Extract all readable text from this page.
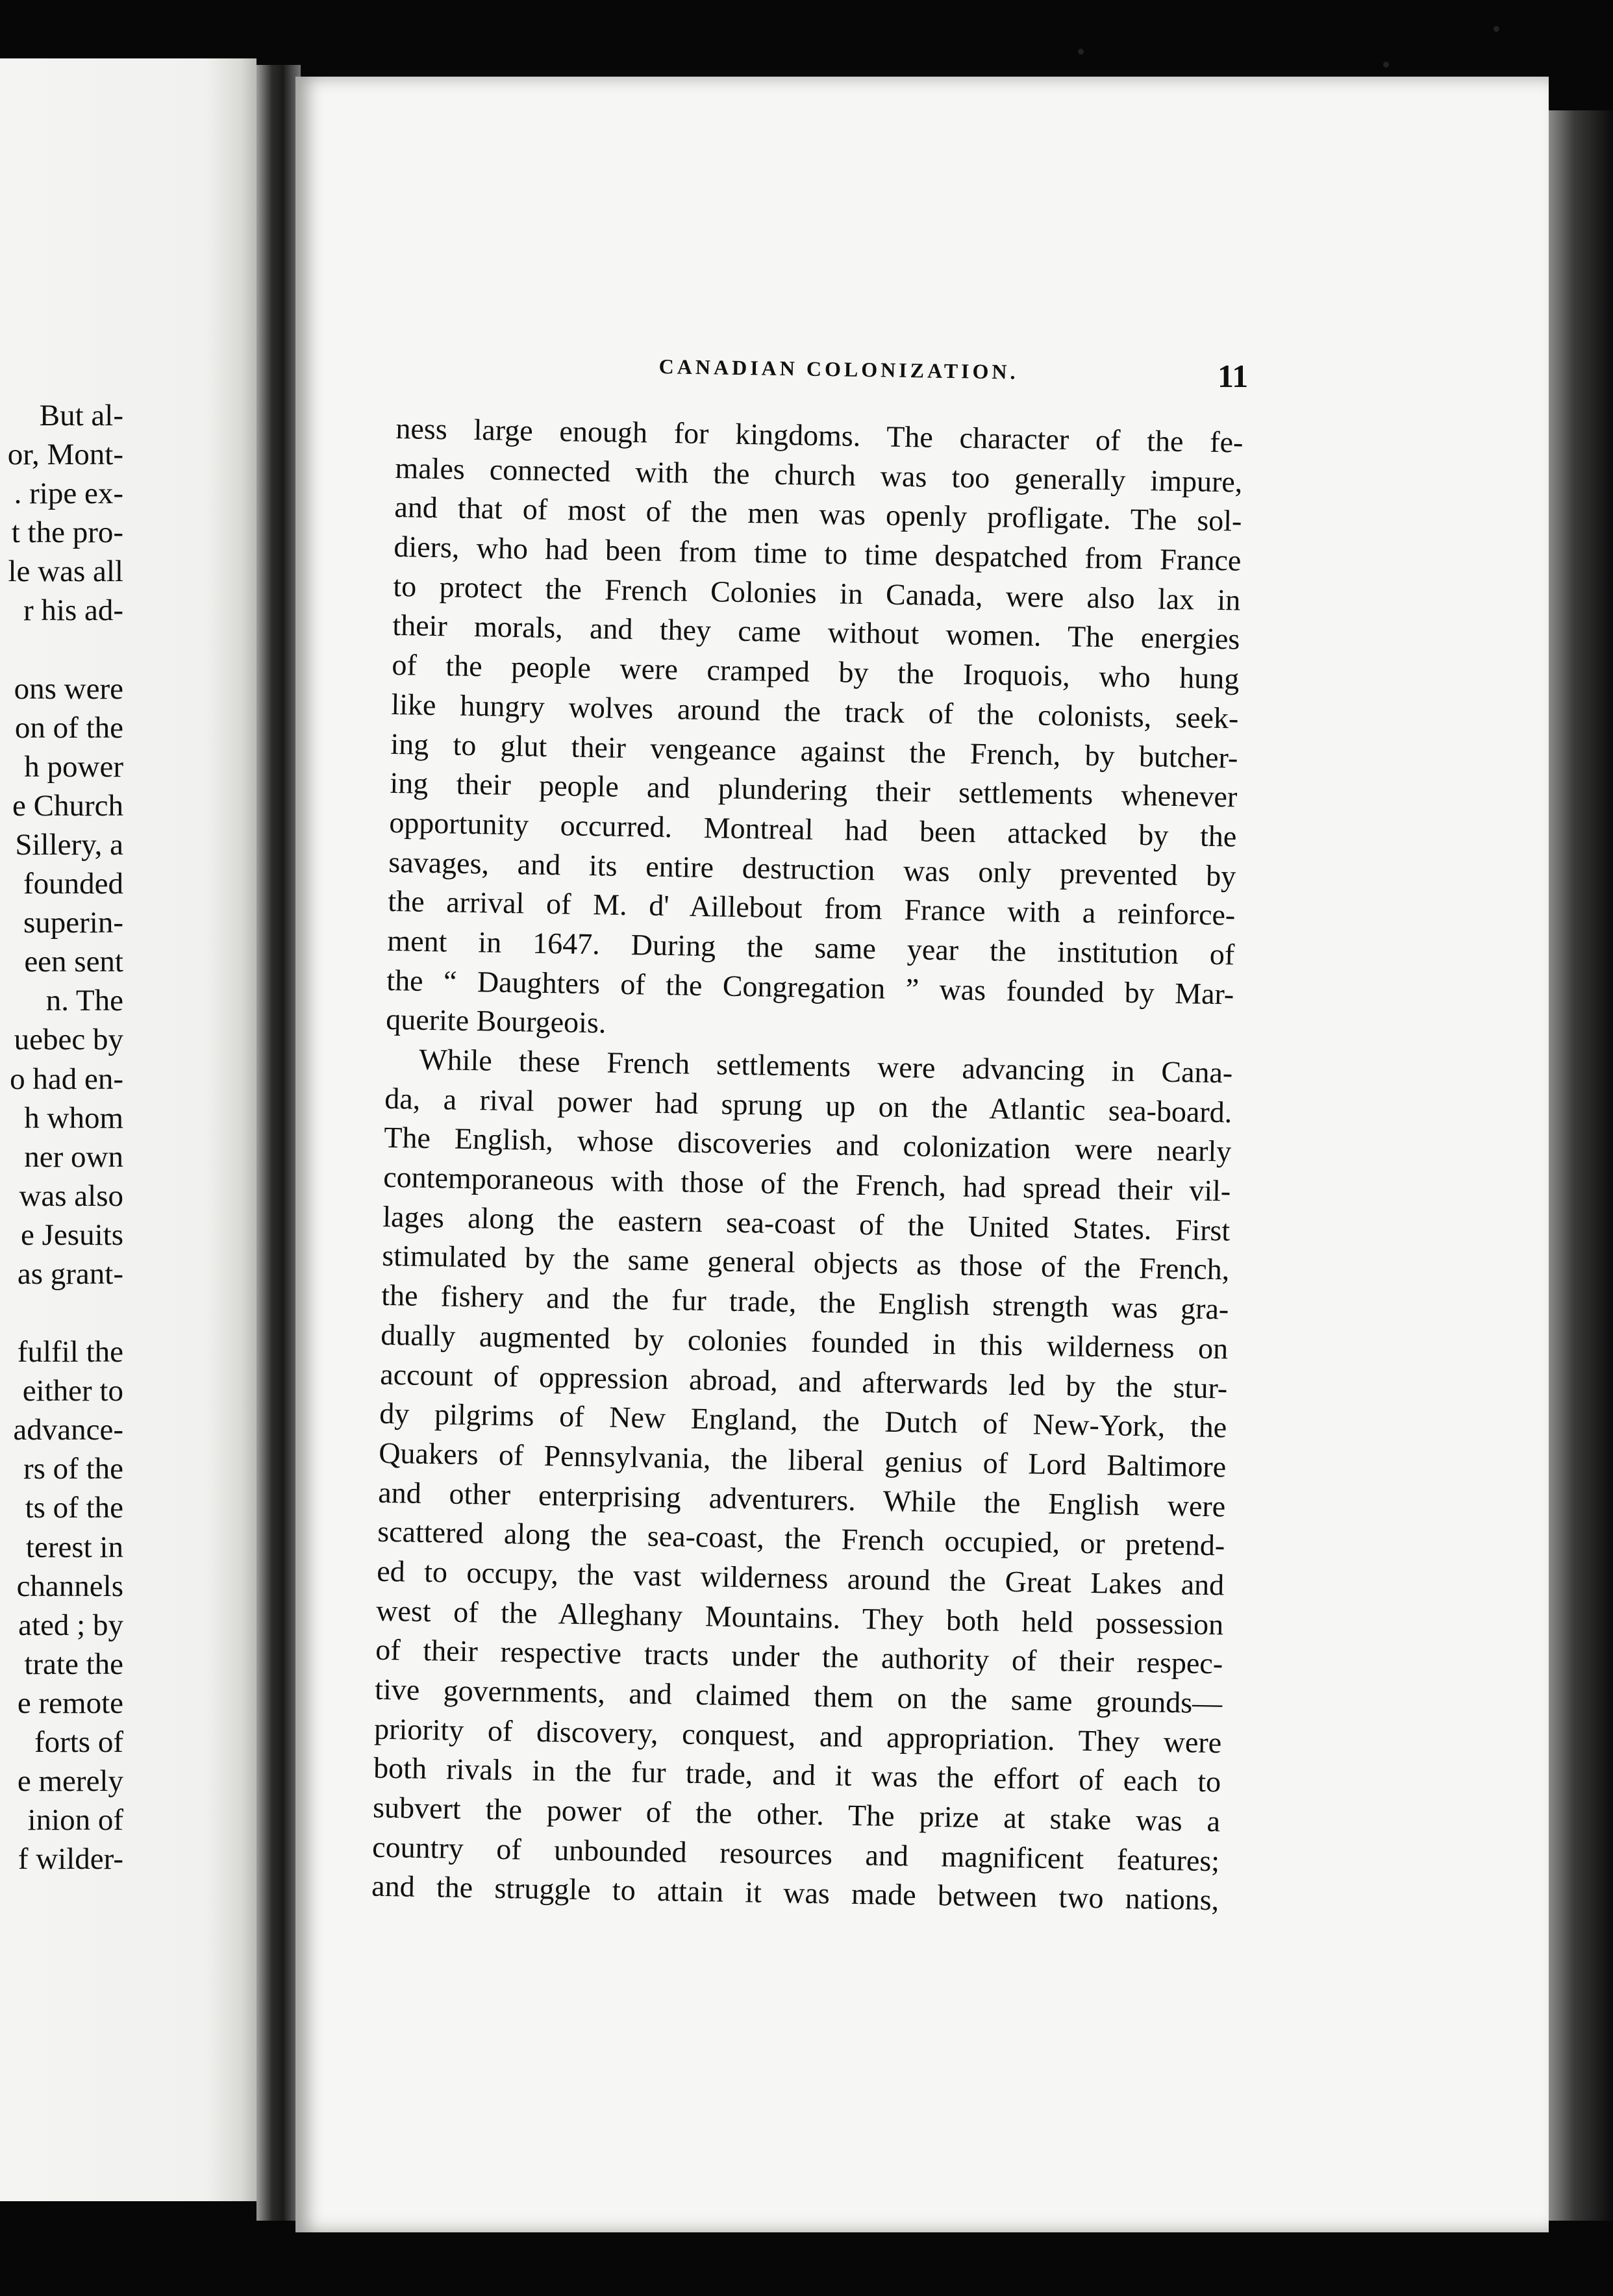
But al-
or, Mont-
. ripe ex-
t the pro-
le was all
r his ad-
ons were
on of the
h power
e Church
Sillery, a
founded
superin-
een sent
n. The
uebec by
o had en-
h whom
ner own
was also
e Jesuits
as grant-
fulfil the
either to
advance-
rs of the
ts of the
terest in
channels
ated ; by
trate the
e remote
forts of
e merely
inion of
f wilder-
CANADIAN COLONIZATION.	11
ness large enough for kingdoms. The character of the fe-
males connected with the church was too generally impure,
and that of most of the men was openly profligate. The sol-
diers, who had been from time to time despatched from France
to protect the French Colonies in Canada, were also lax in
their morals, and they came without women. The energies
of the people were cramped by the Iroquois, who hung
like hungry wolves around the track of the colonists, seek-
ing to glut their vengeance against the French, by butcher-
ing their people and plundering their settlements whenever
opportunity occurred. Montreal had been attacked by the
savages, and its entire destruction was only prevented by
the arrival of M. d' Aillebout from France with a reinforce-
ment in 1647. During the same year the institution of
the “ Daughters of the Congregation ” was founded by Mar-
querite Bourgeois.
While these French settlements were advancing in Cana-
da, a rival power had sprung up on the Atlantic sea-board.
The English, whose discoveries and colonization were nearly
contemporaneous with those of the French, had spread their vil-
lages along the eastern sea-coast of the United States. First
stimulated by the same general objects as those of the French,
the fishery and the fur trade, the English strength was gra-
dually augmented by colonies founded in this wilderness on
account of oppression abroad, and afterwards led by the stur-
dy pilgrims of New England, the Dutch of New-York, the
Quakers of Pennsylvania, the liberal genius of Lord Baltimore
and other enterprising adventurers. While the English were
scattered along the sea-coast, the French occupied, or pretend-
ed to occupy, the vast wilderness around the Great Lakes and
west of the Alleghany Mountains. They both held possession
of their respective tracts under the authority of their respec-
tive governments, and claimed them on the same grounds—
priority of discovery, conquest, and appropriation. They were
both rivals in the fur trade, and it was the effort of each to
subvert the power of the other. The prize at stake was a
country of unbounded resources and magnificent features;
and the struggle to attain it was made between two nations,
